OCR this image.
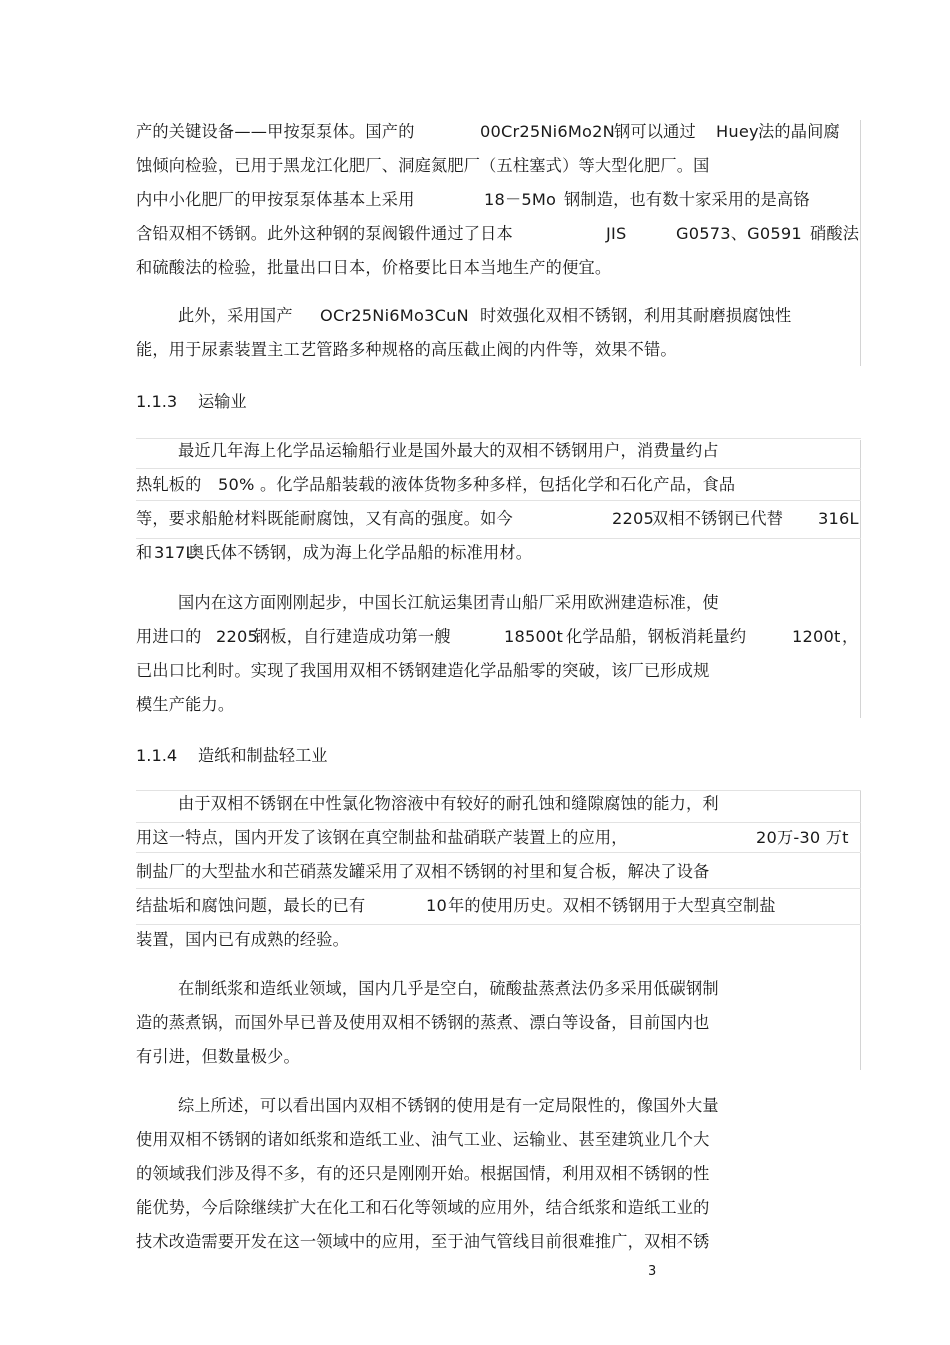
产的关键设备——甲按泵泵体。国产的	00Cr25Ni6Mo2N 钢可以通过 Huey 法的晶间腐
蚀倾向检验，已用于黑龙江化肥厂、洞庭氮肥厂（五柱塞式）等大型化肥厂。国
内中小化肥厂的甲按泵泵体基本上采用	18－5Mo 钢制造，也有数十家采用的是高铬
含铅双相不锈钢。此外这种钢的泵阀锻件通过了日本	JIS	G0573、G0591 硝酸法
和硫酸法的检验，批量出口日本，价格要比日本当地生产的便宜。
此外，采用国产 OCr25Ni6Mo3CuN 时效强化双相不锈钢，利用其耐磨损腐蚀性
能，用于尿素装置主工艺管路多种规格的高压截止阀的内件等，效果不错。
1.1.3 运输业
最近几年海上化学品运输船行业是国外最大的双相不锈钢用户，消费量约占
热轧板的 50% 。化学品船装载的液体货物多种多样，包括化学和石化产品，食品
等，要求船舱材料既能耐腐蚀，又有高的强度。如今	2205
双相不锈钢已代替 316L
和 317L
奥氏体不锈钢，成为海上化学品船的标准用材。
国内在这方面刚刚起步，中国长江航运集团青山船厂采用欧洲建造标准，使
用进口的 2205
钢板，自行建造成功第一艘	18500t 化学品船，钢板消耗量约	1200t ，
已出口比利时。实现了我国用双相不锈钢建造化学品船零的突破，该厂已形成规
模生产能力。
1.1.4 造纸和制盐轻工业
由于双相不锈钢在中性氯化物溶液中有较好的耐孔蚀和缝隙腐蚀的能力，利
用这一特点，国内开发了该钢在真空制盐和盐硝联产装置上的应用，	20万-30 万t
制盐厂的大型盐水和芒硝蒸发罐采用了双相不锈钢的衬里和复合板，解决了设备
结盐垢和腐蚀问题，最长的已有	10 年的使用历史。双相不锈钢用于大型真空制盐
装置，国内已有成熟的经验。
在制纸浆和造纸业领域，国内几乎是空白，硫酸盐蒸煮法仍多采用低碳钢制
造的蒸煮锅，而国外早已普及使用双相不锈钢的蒸煮、漂白等设备，目前国内也
有引进，但数量极少。
综上所述，可以看出国内双相不锈钢的使用是有一定局限性的，像国外大量
使用双相不锈钢的诸如纸浆和造纸工业、油气工业、运输业、甚至建筑业几个大
的领域我们涉及得不多，有的还只是刚刚开始。根据国情，利用双相不锈钢的性
能优势，今后除继续扩大在化工和石化等领域的应用外，结合纸浆和造纸工业的
技术改造需要开发在这一领域中的应用，至于油气管线目前很难推广，双相不锈
3
